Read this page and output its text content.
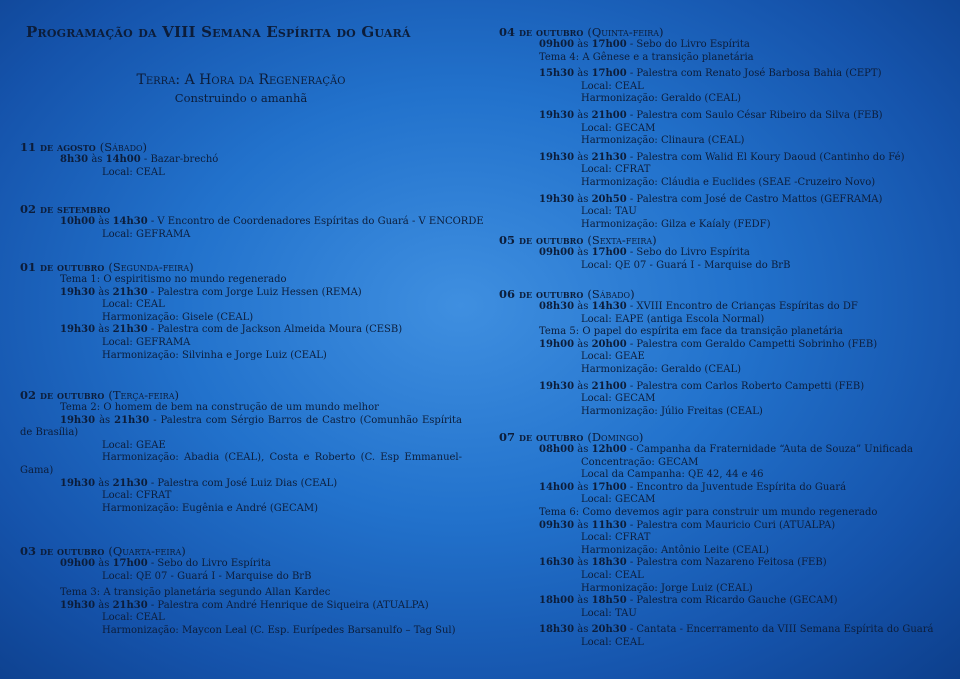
Programação da VIII Semana Espírita do Guará
Terra: A Hora da Regeneração
Construindo o amanhã
11 de agosto (Sábado)
8h30 às 14h00 - Bazar-brechó
Local: CEAL
02 de setembro
10h00 às 14h30 - V Encontro de Coordenadores Espíritas do Guará - V ENCORDE
Local: GEFRAMA
01 de outubro (Segunda-feira)
Tema 1: O espiritismo no mundo regenerado
19h30 às 21h30 - Palestra com Jorge Luiz Hessen (REMA)
Local: CEAL
Harmonização: Gisele (CEAL)
19h30 às 21h30 - Palestra com de Jackson Almeida Moura (CESB)
Local: GEFRAMA
Harmonização: Silvinha e Jorge Luiz (CEAL)
02 de outubro (Terça-feira)
Tema 2: O homem de bem na construção de um mundo melhor
19h30 às 21h30 - Palestra com Sérgio Barros de Castro (Comunhão Espírita de Brasília)
Local: GEAE
Harmonização: Abadia (CEAL), Costa e Roberto (C. Esp Emmanuel-Gama)
19h30 às 21h30 - Palestra com José Luiz Dias (CEAL)
Local: CFRAT
Harmonização: Eugênia e André (GECAM)
03 de outubro (Quarta-feira)
09h00 às 17h00 - Sebo do Livro Espírita
Local: QE 07 - Guará I - Marquise do BrB
Tema 3: A transição planetária segundo Allan Kardec
19h30 às 21h30 - Palestra com André Henrique de Siqueira (ATUALPA)
Local: CEAL
Harmonização: Maycon Leal (C. Esp. Eurípedes Barsanulfo – Tag Sul)
04 de outubro (Quinta-feira)
09h00 às 17h00 - Sebo do Livro Espírita
Tema 4: A Gênese e a transição planetária
15h30 às 17h00 - Palestra com Renato José Barbosa Bahia (CEPT)
Local: CEAL
Harmonização: Geraldo (CEAL)
19h30 às 21h00 - Palestra com Saulo César Ribeiro da Silva (FEB)
Local: GECAM
Harmonização: Clinaura (CEAL)
19h30 às 21h30 - Palestra com Walid El Koury Daoud (Cantinho do Fé)
Local: CFRAT
Harmonização: Cláudia e Euclides (SEAE -Cruzeiro Novo)
19h30 às 20h50 - Palestra com José de Castro Mattos (GEFRAMA)
Local: TAU
Harmonização: Gilza e Kaíaly (FEDF)
05 de outubro (Sexta-feira)
09h00 às 17h00 - Sebo do Livro Espírita
Local: QE 07 - Guará I - Marquise do BrB
06 de outubro (Sábado)
08h30 às 14h30 - XVIII Encontro de Crianças Espíritas do DF
Local: EAPE (antiga Escola Normal)
Tema 5: O papel do espírita em face da transição planetária
19h00 às 20h00 - Palestra com Geraldo Campetti Sobrinho (FEB)
Local: GEAE
Harmonização: Geraldo (CEAL)
19h30 às 21h00 - Palestra com Carlos Roberto Campetti (FEB)
Local: GECAM
Harmonização: Júlio Freitas (CEAL)
07 de outubro (Domingo)
08h00 às 12h00 - Campanha da Fraternidade “Auta de Souza” Unificada
Concentração: GECAM
Local da Campanha: QE 42, 44 e 46
14h00 às 17h00 - Encontro da Juventude Espírita do Guará
Local: GECAM
Tema 6: Como devemos agir para construir um mundo regenerado
09h30 às 11h30 - Palestra com Mauricio Curi (ATUALPA)
Local: CFRAT
Harmonização: Antônio Leite (CEAL)
16h30 às 18h30 - Palestra com Nazareno Feitosa (FEB)
Local: CEAL
Harmonização: Jorge Luiz (CEAL)
18h00 às 18h50 - Palestra com Ricardo Gauche (GECAM)
Local: TAU
18h30 às 20h30 - Cantata - Encerramento da VIII Semana Espírita do Guará
Local: CEAL
